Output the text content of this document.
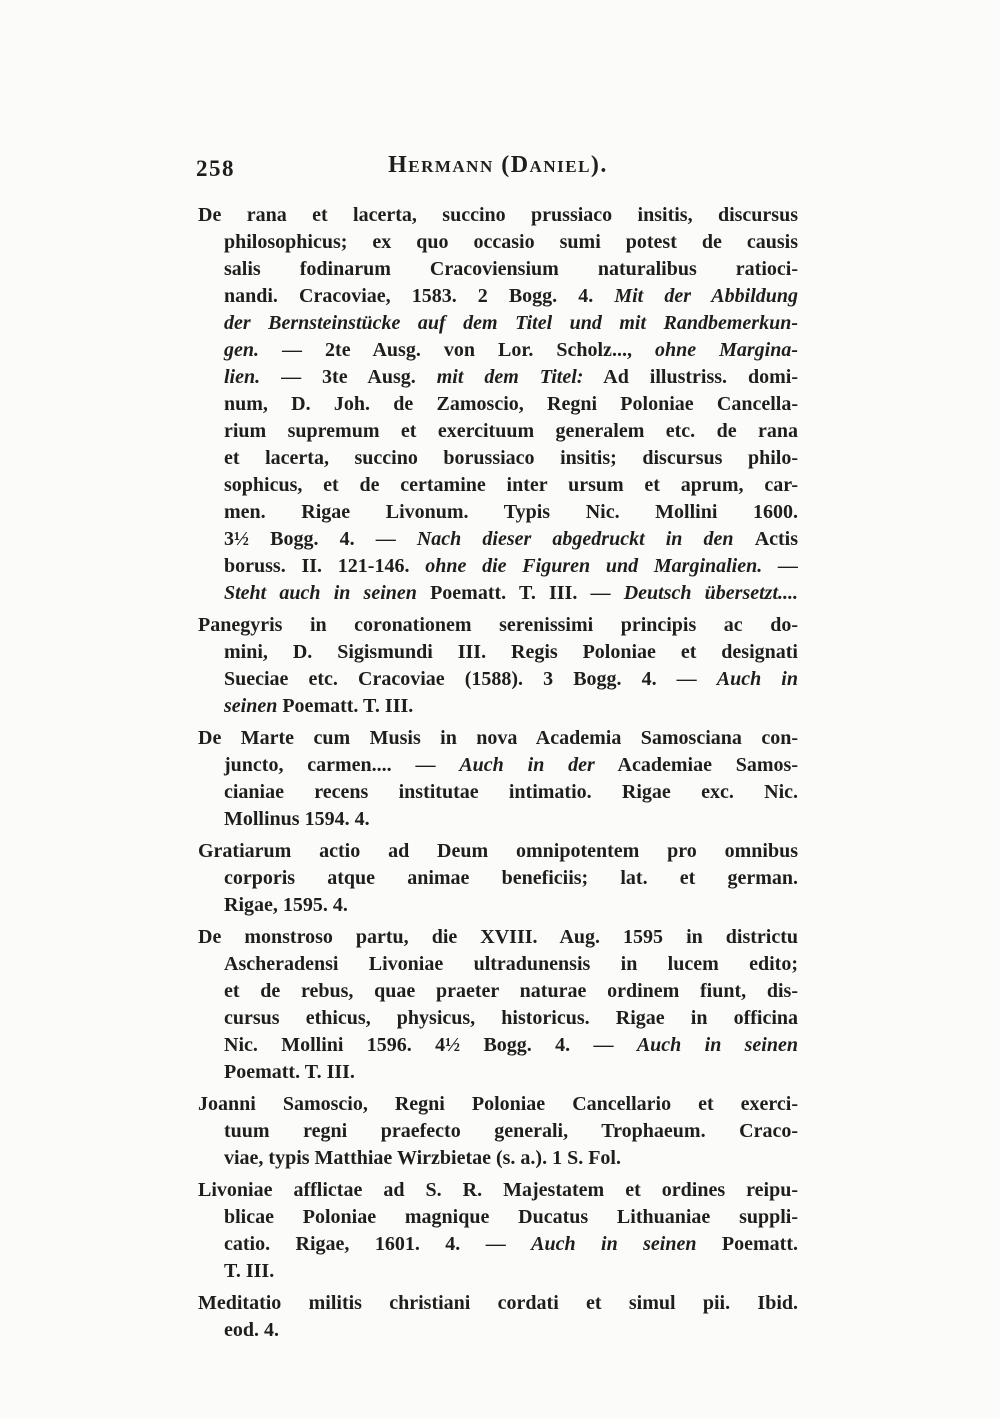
258	Hermann (Daniel).
De rana et lacerta, succino prussiaco insitis, discursus
philosophicus; ex quo occasio sumi potest de causis
salis fodinarum Cracoviensium naturalibus ratioci-
nandi. Cracoviae, 1583. 2 Bogg. 4. Mit der Abbildung
der Bernsteinstücke auf dem Titel und mit Randbemerkun-
gen. — 2te Ausg. von Lor. Scholz..., ohne Margina-
lien. — 3te Ausg. mit dem Titel: Ad illustriss. domi-
num, D. Joh. de Zamoscio, Regni Poloniae Cancella-
rium supremum et exercituum generalem etc. de rana
et lacerta, succino borussiaco insitis; discursus philo-
sophicus, et de certamine inter ursum et aprum, car-
men. Rigae Livonum. Typis Nic. Mollini 1600.
3½ Bogg. 4. — Nach dieser abgedruckt in den Actis
boruss. II. 121-146. ohne die Figuren und Marginalien. —
Steht auch in seinen Poematt. T. III. — Deutsch übersetzt....
Panegyris in coronationem serenissimi principis ac do-
mini, D. Sigismundi III. Regis Poloniae et designati
Sueciae etc. Cracoviae (1588). 3 Bogg. 4. — Auch in
seinen Poematt. T. III.
De Marte cum Musis in nova Academia Samosciana con-
juncto, carmen.... — Auch in der Academiae Samos-
cianiae recens institutae intimatio. Rigae exc. Nic.
Mollinus 1594. 4.
Gratiarum actio ad Deum omnipotentem pro omnibus
corporis atque animae beneficiis; lat. et german.
Rigae, 1595. 4.
De monstroso partu, die XVIII. Aug. 1595 in districtu
Ascheradensi Livoniae ultradunensis in lucem edito;
et de rebus, quae praeter naturae ordinem fiunt, dis-
cursus ethicus, physicus, historicus. Rigae in officina
Nic. Mollini 1596. 4½ Bogg. 4. — Auch in seinen
Poematt. T. III.
Joanni Samoscio, Regni Poloniae Cancellario et exerci-
tuum regni praefecto generali, Trophaeum. Craco-
viae, typis Matthiae Wirzbietae (s. a.). 1 S. Fol.
Livoniae afflictae ad S. R. Majestatem et ordines reipu-
blicae Poloniae magnique Ducatus Lithuaniae suppli-
catio. Rigae, 1601. 4. — Auch in seinen Poematt.
T. III.
Meditatio militis christiani cordati et simul pii. Ibid.
eod. 4.
